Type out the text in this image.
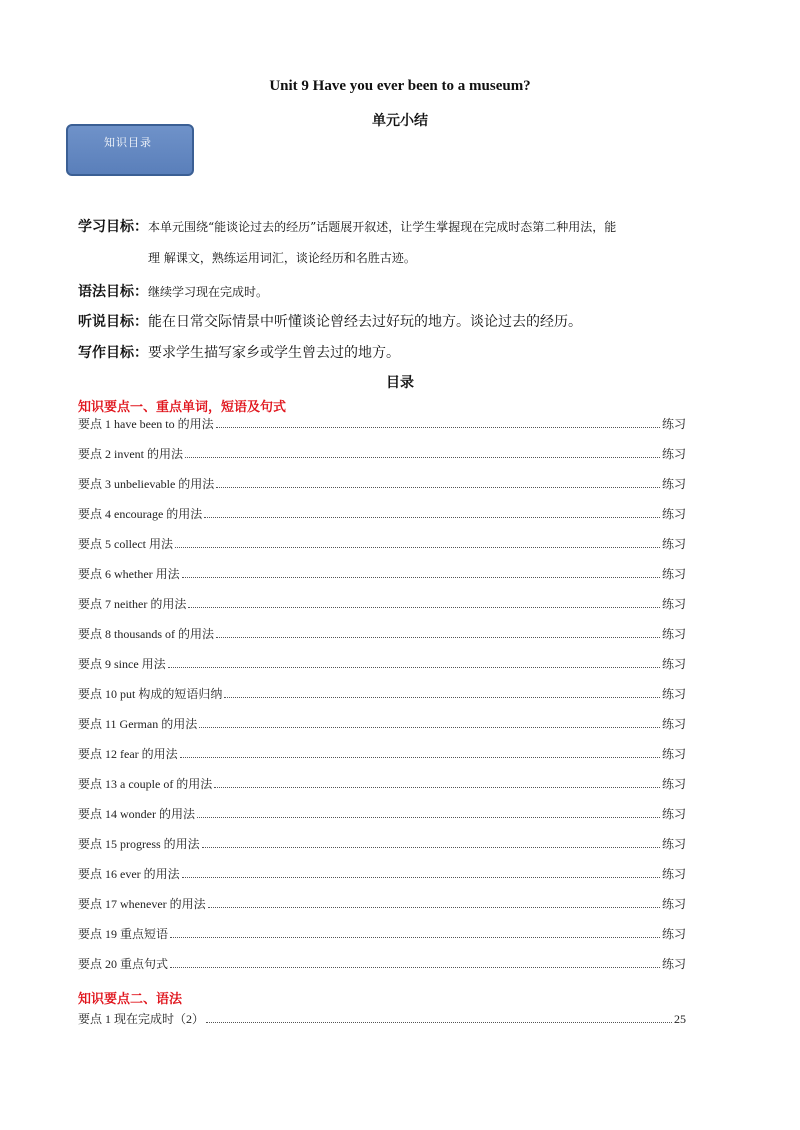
Unit 9 Have you ever been to a museum?
单元小结
知识目录
学习目标：本单元围绕“能谈论过去的经历”话题展开叙述，让学生掌握现在完成时态第二种用法，能
理 解课文，熟练运用词汇，谈论经历和名胜古迹。
语法目标：继续学习现在完成时。
听说目标：能在日常交际情景中听懂谈论曾经去过好玩的地方。谈论过去的经历。
写作目标：要求学生描写家乡或学生曾去过的地方。
目录
知识要点一、重点单词，短语及句式
要点 1 have been to 的用法	练习
要点 2 invent 的用法	练习
要点 3 unbelievable 的用法	练习
要点 4 encourage 的用法	练习
要点 5 collect 用法	练习
要点 6 whether 用法	练习
要点 7 neither 的用法	练习
要点 8 thousands of 的用法	练习
要点 9 since 用法	练习
要点 10 put 构成的短语归纳	练习
要点 11 German 的用法	练习
要点 12 fear 的用法	练习
要点 13 a couple of 的用法	练习
要点 14 wonder 的用法	练习
要点 15 progress 的用法	练习
要点 16 ever 的用法	练习
要点 17 whenever 的用法	练习
要点 19 重点短语	练习
要点 20 重点句式	练习
知识要点二、语法
要点 1 现在完成时（2）	25
